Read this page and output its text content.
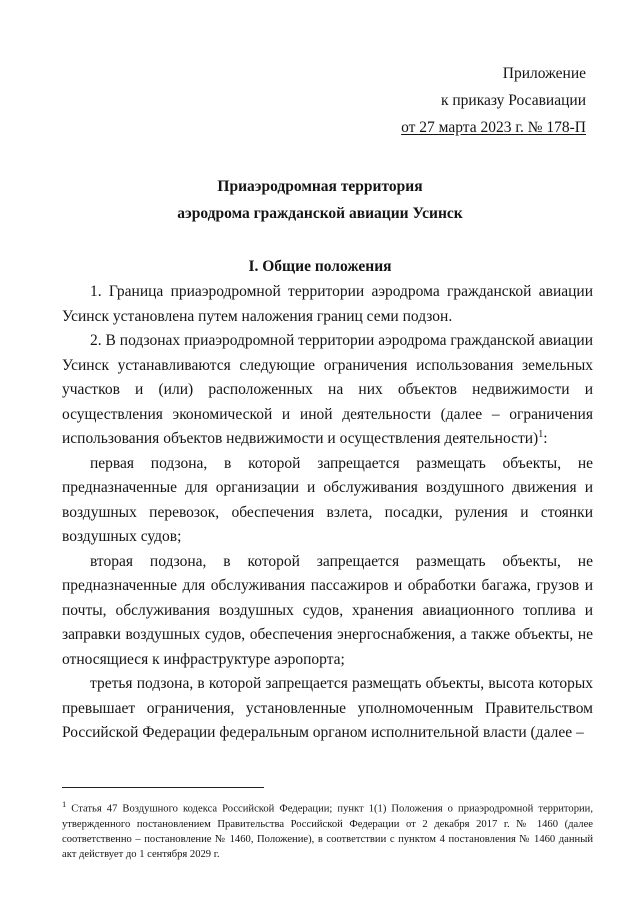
Приложение
к приказу Росавиации
от 27 марта 2023 г. № 178-П
Приаэродромная территория
аэродрома гражданской авиации Усинск
I. Общие положения

1. Граница приаэродромной территории аэродрома гражданской авиации Усинск установлена путем наложения границ семи подзон.

2. В подзонах приаэродромной территории аэродрома гражданской авиации Усинск устанавливаются следующие ограничения использования земельных участков и (или) расположенных на них объектов недвижимости и осуществления экономической и иной деятельности (далее – ограничения использования объектов недвижимости и осуществления деятельности)$^1$:

первая подзона, в которой запрещается размещать объекты, не предназначенные для организации и обслуживания воздушного движения и воздушных перевозок, обеспечения взлета, посадки, руления и стоянки воздушных судов;

вторая подзона, в которой запрещается размещать объекты, не предназначенные для обслуживания пассажиров и обработки багажа, грузов и почты, обслуживания воздушных судов, хранения авиационного топлива и заправки воздушных судов, обеспечения энергоснабжения, а также объекты, не относящиеся к инфраструктуре аэропорта;

третья подзона, в которой запрещается размещать объекты, высота которых превышает ограничения, установленные уполномоченным Правительством Российской Федерации федеральным органом исполнительной власти (далее –

$^1$ Статья 47 Воздушного кодекса Российской Федерации; пункт 1(1) Положения о приаэродромной территории, утвержденного постановлением Правительства Российской Федерации от 2 декабря 2017 г. № 1460 (далее соответственно – постановление № 1460, Положение), в соответствии с пунктом 4 постановления № 1460 данный акт действует до 1 сентября 2029 г.
